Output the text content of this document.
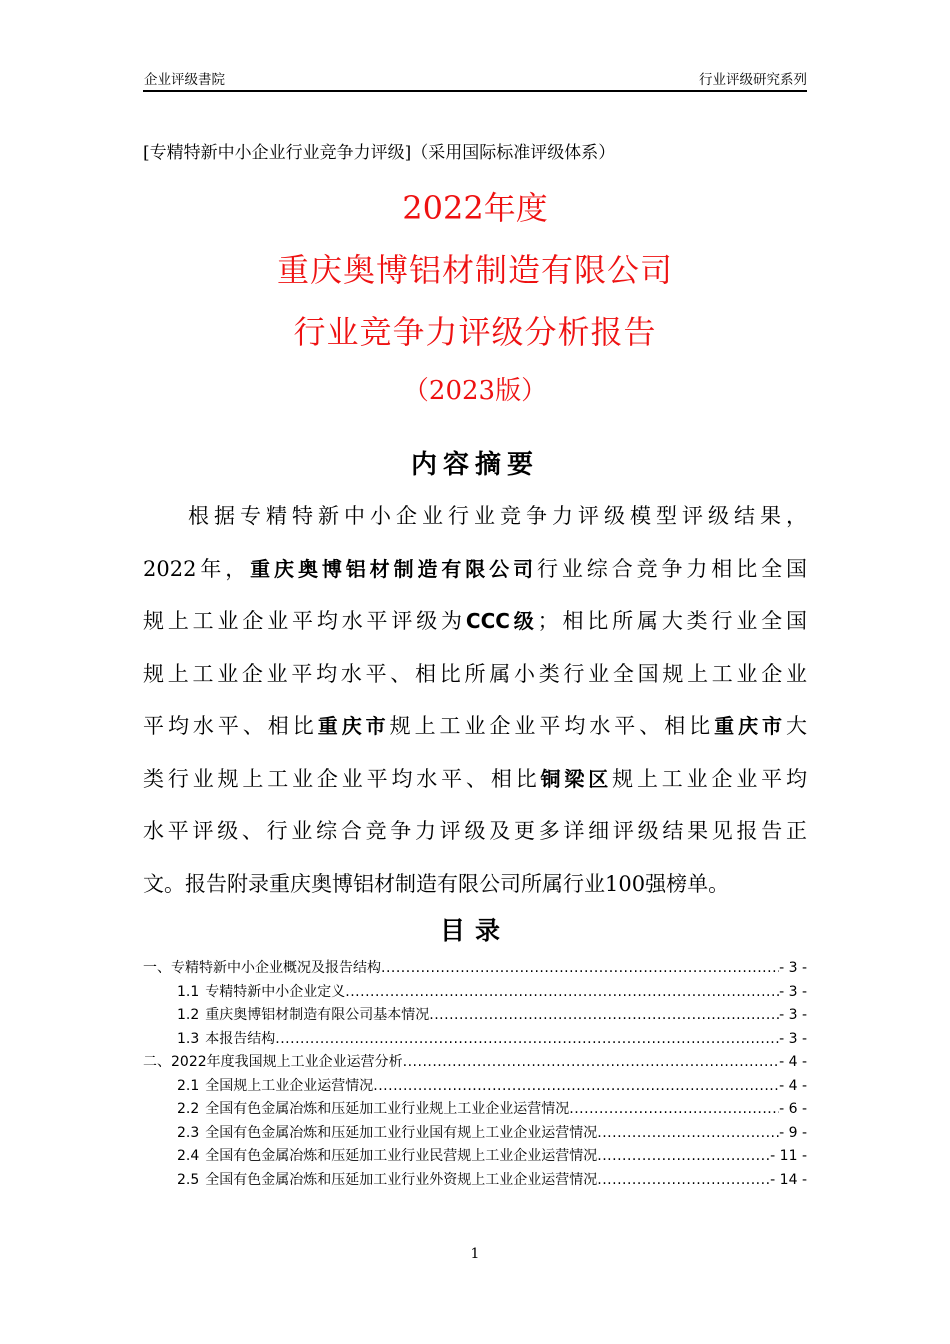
企业评级書院	行业评级研究系列
[专精特新中小企业行业竞争力评级]（采用国际标准评级体系）
2022年度
重庆奥博铝材制造有限公司
行业竞争力评级分析报告
（2023版）
内容摘要
根据专精特新中小企业行业竞争力评级模型评级结果，
2022年，重庆奥博铝材制造有限公司行业综合竞争力相比全国
规上工业企业平均水平评级为CCC级；相比所属大类行业全国
规上工业企业平均水平、相比所属小类行业全国规上工业企业
平均水平、相比重庆市规上工业企业平均水平、相比重庆市大
类行业规上工业企业平均水平、相比铜梁区规上工业企业平均
水平评级、行业综合竞争力评级及更多详细评级结果见报告正
文。报告附录重庆奥博铝材制造有限公司所属行业100强榜单。
目录
一、专精特新中小企业概况及报告结构 .....	- 3 -
1.1 专精特新中小企业定义 .....	- 3 -
1.2 重庆奥博铝材制造有限公司基本情况 .....	- 3 -
1.3 本报告结构 .....	- 3 -
二、2022年度我国规上工业企业运营分析 .....	- 4 -
2.1 全国规上工业企业运营情况 .....	- 4 -
2.2 全国有色金属冶炼和压延加工业行业规上工业企业运营情况 .....	- 6 -
2.3 全国有色金属冶炼和压延加工业行业国有规上工业企业运营情况 .....	- 9 -
2.4 全国有色金属冶炼和压延加工业行业民营规上工业企业运营情况 .....	- 11 -
2.5 全国有色金属冶炼和压延加工业行业外资规上工业企业运营情况 .....	- 14 -
1
